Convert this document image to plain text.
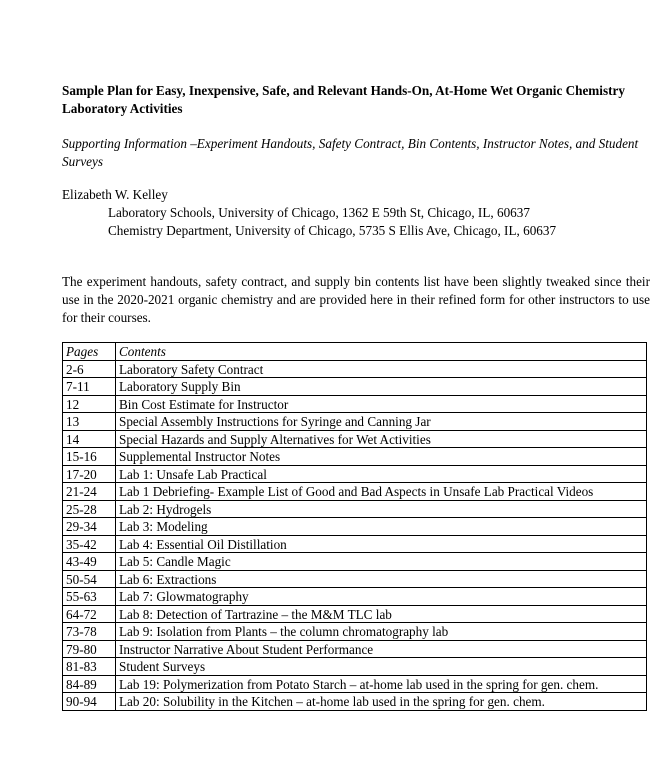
Sample Plan for Easy, Inexpensive, Safe, and Relevant Hands-On, At-Home Wet Organic Chemistry Laboratory Activities
Supporting Information –Experiment Handouts, Safety Contract, Bin Contents, Instructor Notes, and Student Surveys
Elizabeth W. Kelley
Laboratory Schools, University of Chicago, 1362 E 59th St, Chicago, IL, 60637
Chemistry Department, University of Chicago, 5735 S Ellis Ave, Chicago, IL, 60637
The experiment handouts, safety contract, and supply bin contents list have been slightly tweaked since their use in the 2020-2021 organic chemistry and are provided here in their refined form for other instructors to use for their courses.
Pages	Contents
2-6	Laboratory Safety Contract
7-11	Laboratory Supply Bin
12	Bin Cost Estimate for Instructor
13	Special Assembly Instructions for Syringe and Canning Jar
14	Special Hazards and Supply Alternatives for Wet Activities
15-16	Supplemental Instructor Notes
17-20	Lab 1: Unsafe Lab Practical
21-24	Lab 1 Debriefing- Example List of Good and Bad Aspects in Unsafe Lab Practical Videos
25-28	Lab 2: Hydrogels
29-34	Lab 3: Modeling
35-42	Lab 4: Essential Oil Distillation
43-49	Lab 5: Candle Magic
50-54	Lab 6: Extractions
55-63	Lab 7: Glowmatography
64-72	Lab 8: Detection of Tartrazine – the M&M TLC lab
73-78	Lab 9: Isolation from Plants – the column chromatography lab
79-80	Instructor Narrative About Student Performance
81-83	Student Surveys
84-89	Lab 19: Polymerization from Potato Starch – at-home lab used in the spring for gen. chem.
90-94	Lab 20: Solubility in the Kitchen – at-home lab used in the spring for gen. chem.
